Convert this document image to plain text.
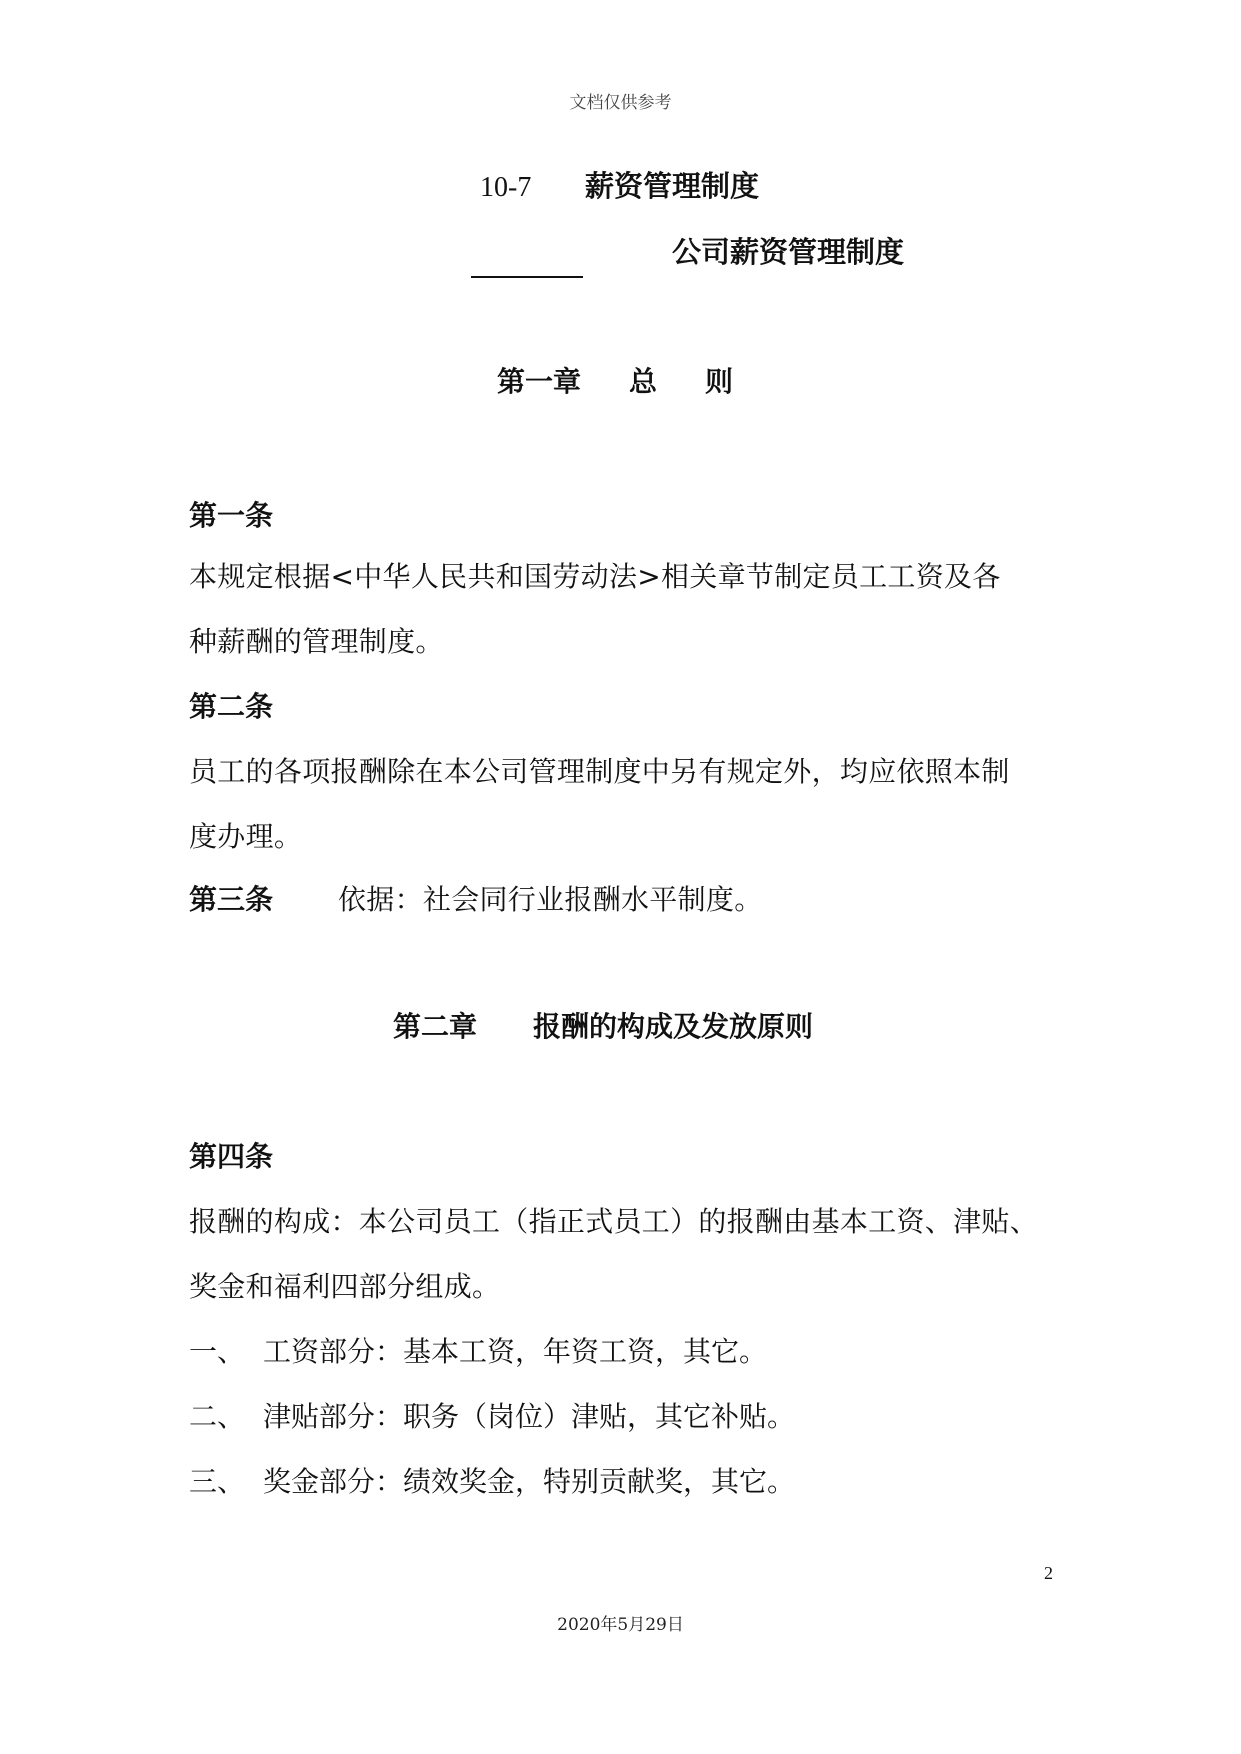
文档仅供参考
10-7 薪资管理制度
公司薪资管理制度
第一章 总 则
第一条
本规定根据<中华人民共和国劳动法>相关章节制定员工工资及各
种薪酬的管理制度。
第二条
员工的各项报酬除在本公司管理制度中另有规定外，均应依照本制
度办理。
第三条 依据：社会同行业报酬水平制度。
第二章 报酬的构成及发放原则
第四条
报酬的构成：本公司员工（指正式员工）的报酬由基本工资、津贴、
奖金和福利四部分组成。
一、 工资部分：基本工资，年资工资，其它。
二、 津贴部分：职务（岗位）津贴，其它补贴。
三、 奖金部分：绩效奖金，特别贡献奖，其它。
2
2020年5月29日
